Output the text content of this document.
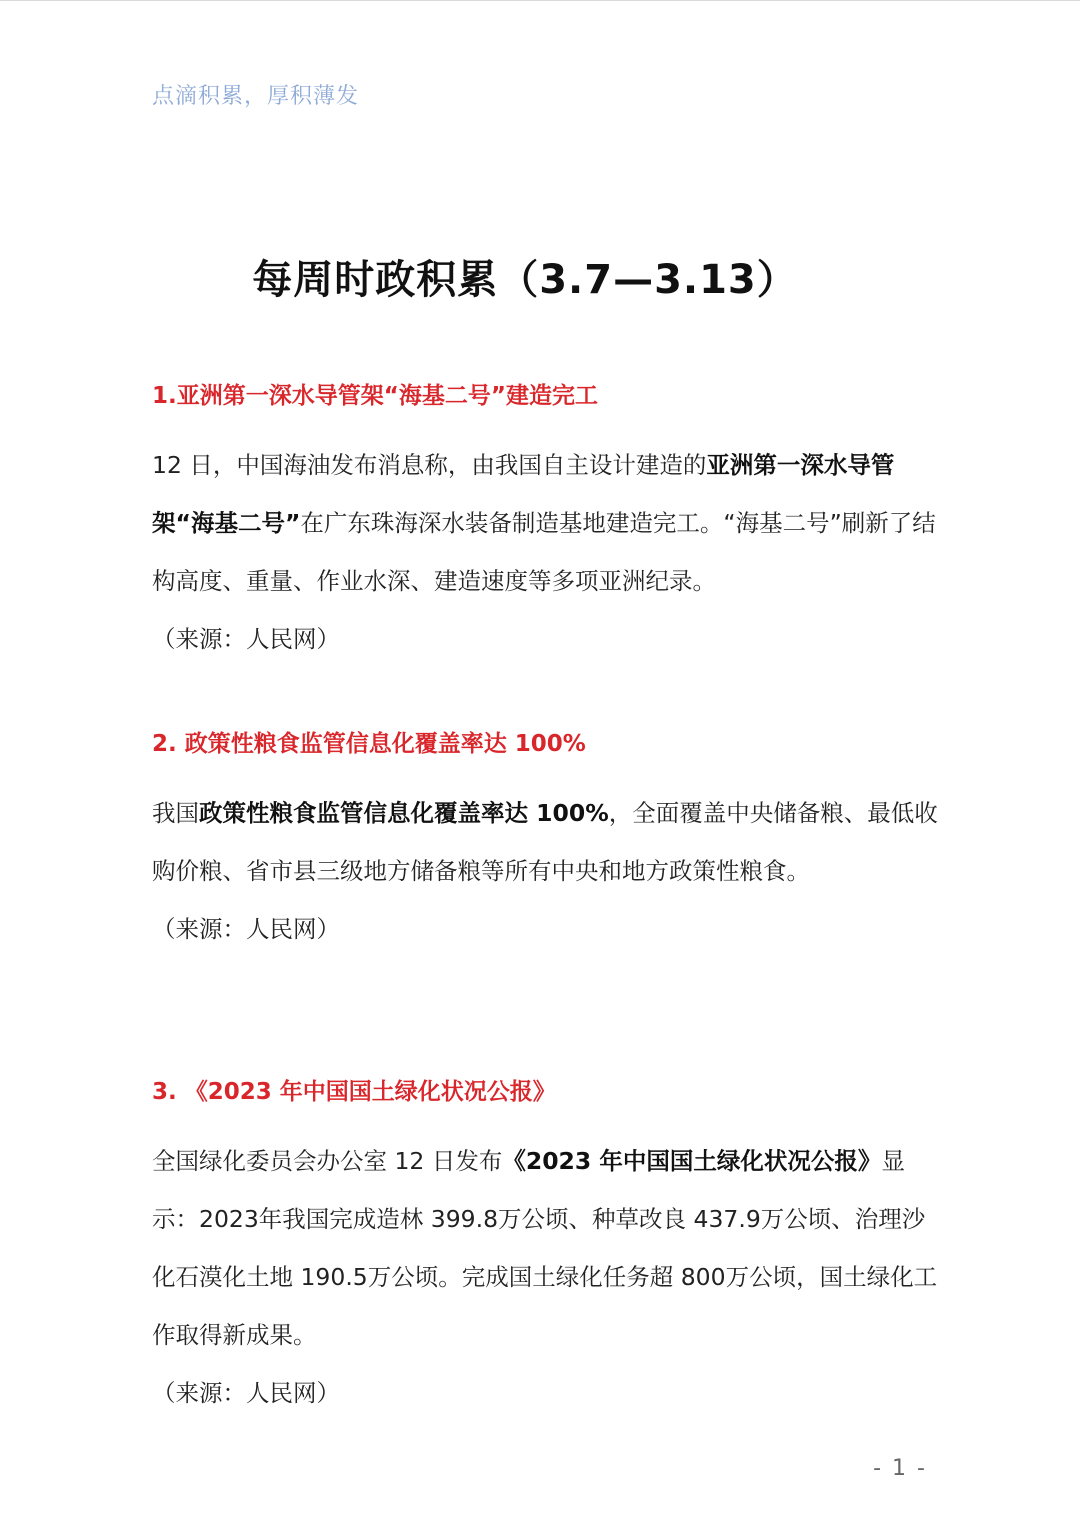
点滴积累，厚积薄发
每周时政积累（3.7—3.13）
1.亚洲第一深水导管架“海基二号”建造完工

12 日，中国海油发布消息称，由我国自主设计建造的亚洲第一深水导管架“海基二号”在广东珠海深水装备制造基地建造完工。“海基二号”刷新了结构高度、重量、作业水深、建造速度等多项亚洲纪录。

（来源：人民网）

2. 政策性粮食监管信息化覆盖率达 100%

我国政策性粮食监管信息化覆盖率达 100%，全面覆盖中央储备粮、最低收购价粮、省市县三级地方储备粮等所有中央和地方政策性粮食。

（来源：人民网）

3. 《2023 年中国国土绿化状况公报》

全国绿化委员会办公室 12 日发布《2023 年中国国土绿化状况公报》显示：2023年我国完成造林 399.8万公顷、种草改良 437.9万公顷、治理沙化石漠化土地 190.5万公顷。完成国土绿化任务超 800万公顷，国土绿化工作取得新成果。

（来源：人民网）

- 1 -
